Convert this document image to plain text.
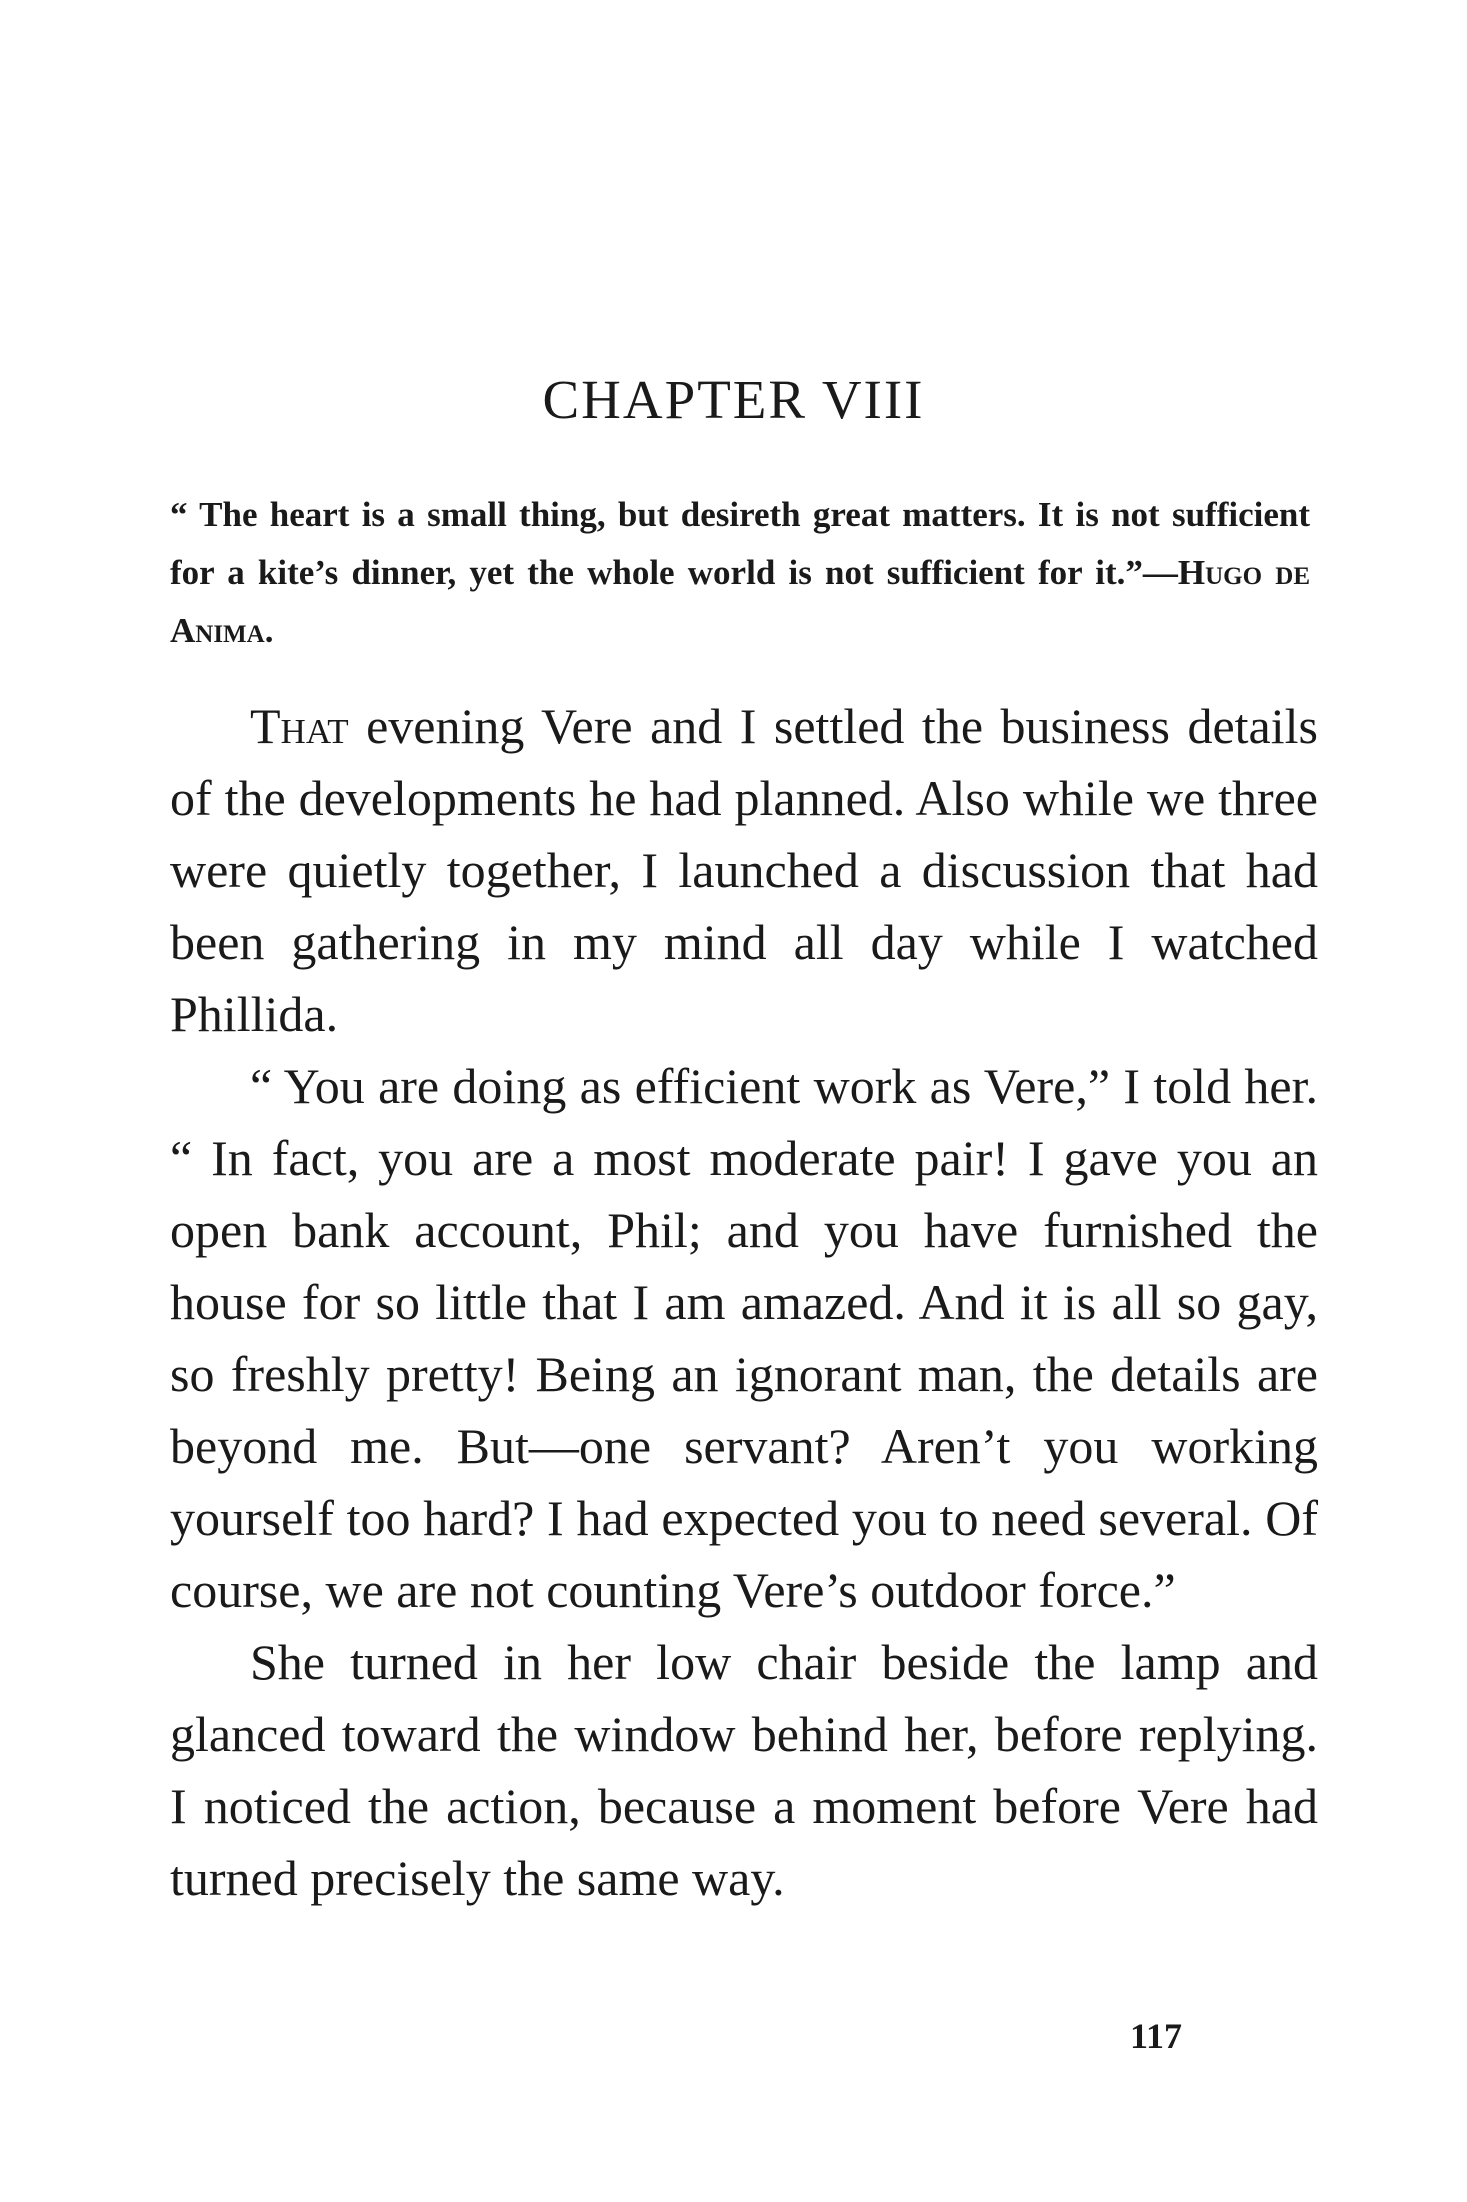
CHAPTER VIII

“ The heart is a small thing, but desireth great matters. It is not sufficient for a kite’s dinner, yet the whole world is not sufficient for it.”—Hugo de Anima.

That evening Vere and I settled the business details of the developments he had planned. Also while we three were quietly together, I launched a discussion that had been gathering in my mind all day while I watched Phillida.

“ You are doing as efficient work as Vere,” I told her. “ In fact, you are a most moderate pair! I gave you an open bank account, Phil; and you have furnished the house for so little that I am amazed. And it is all so gay, so freshly pretty! Being an ignorant man, the details are beyond me. But—one servant? Aren’t you working yourself too hard? I had expected you to need several. Of course, we are not counting Vere’s outdoor force.”

She turned in her low chair beside the lamp and glanced toward the window behind her, before replying. I noticed the action, because a moment before Vere had turned precisely the same way.

117
